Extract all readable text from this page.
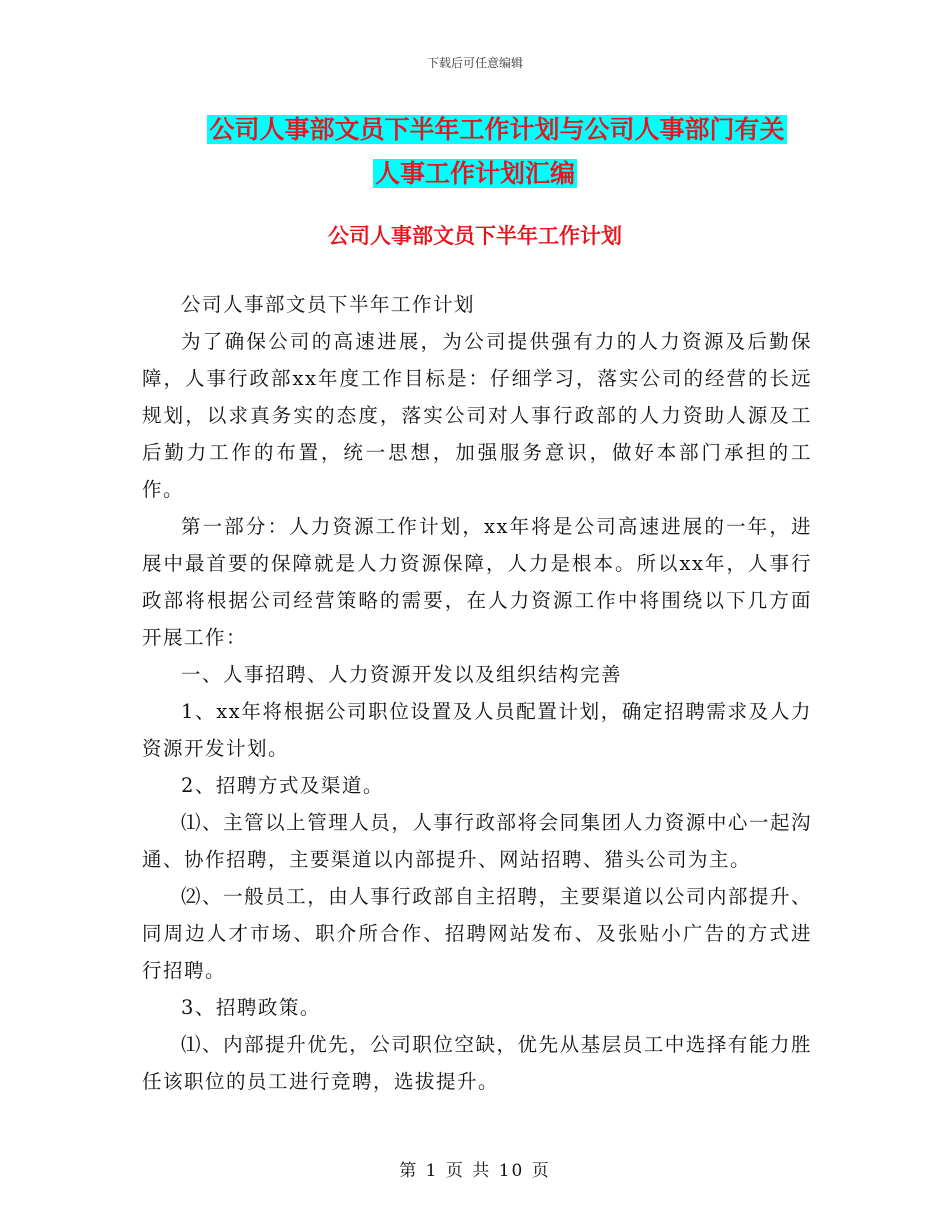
下载后可任意编辑
公司人事部文员下半年工作计划与公司人事部门有关
人事工作计划汇编
公司人事部文员下半年工作计划

公司人事部文员下半年工作计划

为了确保公司的高速进展，为公司提供强有力的人力资源及后勤保障，人事行政部xx年度工作目标是：仔细学习，落实公司的经营的长远规划，以求真务实的态度，落实公司对人事行政部的人力资助人源及工后勤力工作的布置，统一思想，加强服务意识，做好本部门承担的工作。

第一部分：人力资源工作计划，xx年将是公司高速进展的一年，进展中最首要的保障就是人力资源保障，人力是根本。所以xx年，人事行政部将根据公司经营策略的需要，在人力资源工作中将围绕以下几方面开展工作：

一、人事招聘、人力资源开发以及组织结构完善

1、xx年将根据公司职位设置及人员配置计划，确定招聘需求及人力资源开发计划。

2、招聘方式及渠道。

⑴、主管以上管理人员，人事行政部将会同集团人力资源中心一起沟通、协作招聘，主要渠道以内部提升、网站招聘、猎头公司为主。

⑵、一般员工，由人事行政部自主招聘，主要渠道以公司内部提升、同周边人才市场、职介所合作、招聘网站发布、及张贴小广告的方式进行招聘。

3、招聘政策。

⑴、内部提升优先，公司职位空缺，优先从基层员工中选择有能力胜任该职位的员工进行竞聘，选拔提升。

第 1 页 共 10 页
